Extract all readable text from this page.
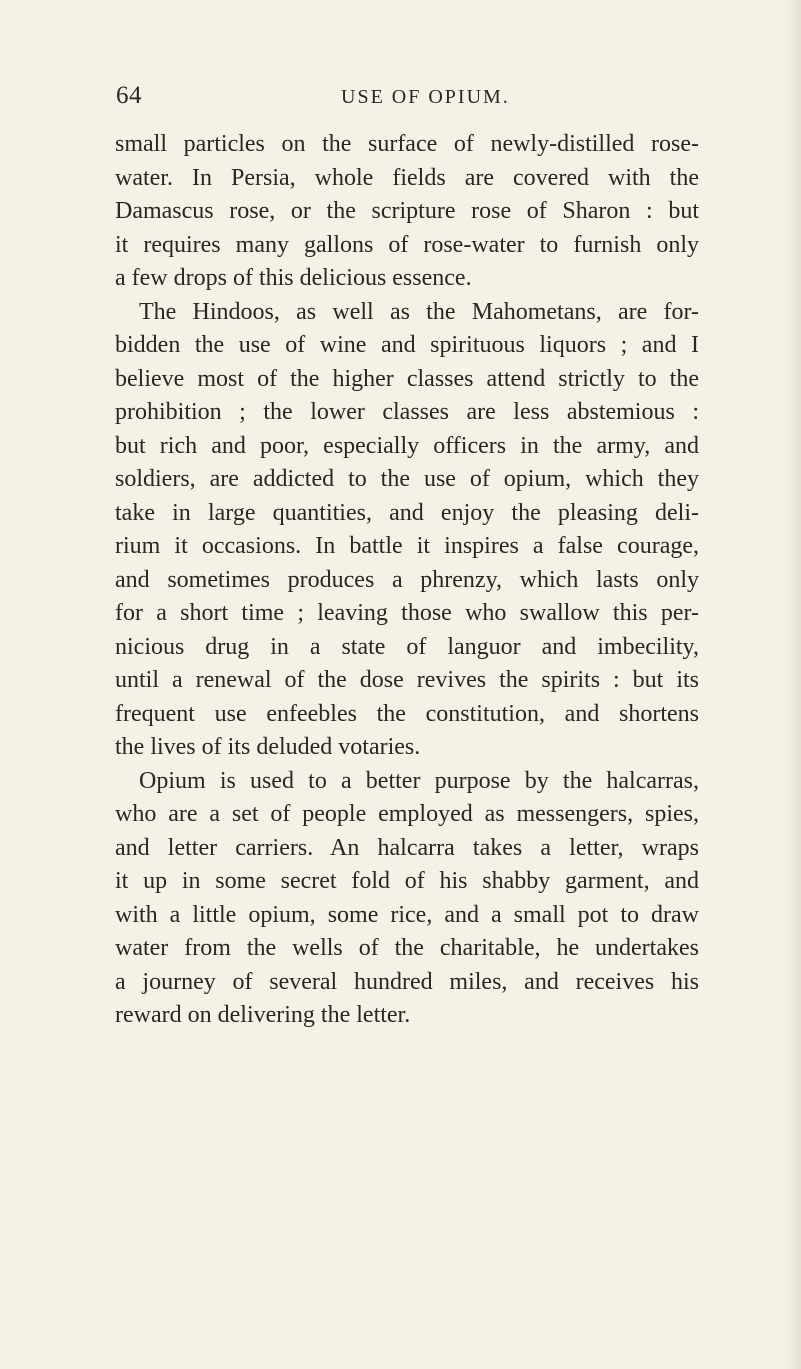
64	USE OF OPIUM.
small particles on the surface of newly-distilled rose-
water. In Persia, whole fields are covered with the
Damascus rose, or the scripture rose of Sharon : but
it requires many gallons of rose-water to furnish only
a few drops of this delicious essence.
The Hindoos, as well as the Mahometans, are for-
bidden the use of wine and spirituous liquors ; and I
believe most of the higher classes attend strictly to the
prohibition ; the lower classes are less abstemious :
but rich and poor, especially officers in the army, and
soldiers, are addicted to the use of opium, which they
take in large quantities, and enjoy the pleasing deli-
rium it occasions. In battle it inspires a false courage,
and sometimes produces a phrenzy, which lasts only
for a short time ; leaving those who swallow this per-
nicious drug in a state of languor and imbecility,
until a renewal of the dose revives the spirits : but its
frequent use enfeebles the constitution, and shortens
the lives of its deluded votaries.
Opium is used to a better purpose by the halcarras,
who are a set of people employed as messengers, spies,
and letter carriers. An halcarra takes a letter, wraps
it up in some secret fold of his shabby garment, and
with a little opium, some rice, and a small pot to draw
water from the wells of the charitable, he undertakes
a journey of several hundred miles, and receives his
reward on delivering the letter.
